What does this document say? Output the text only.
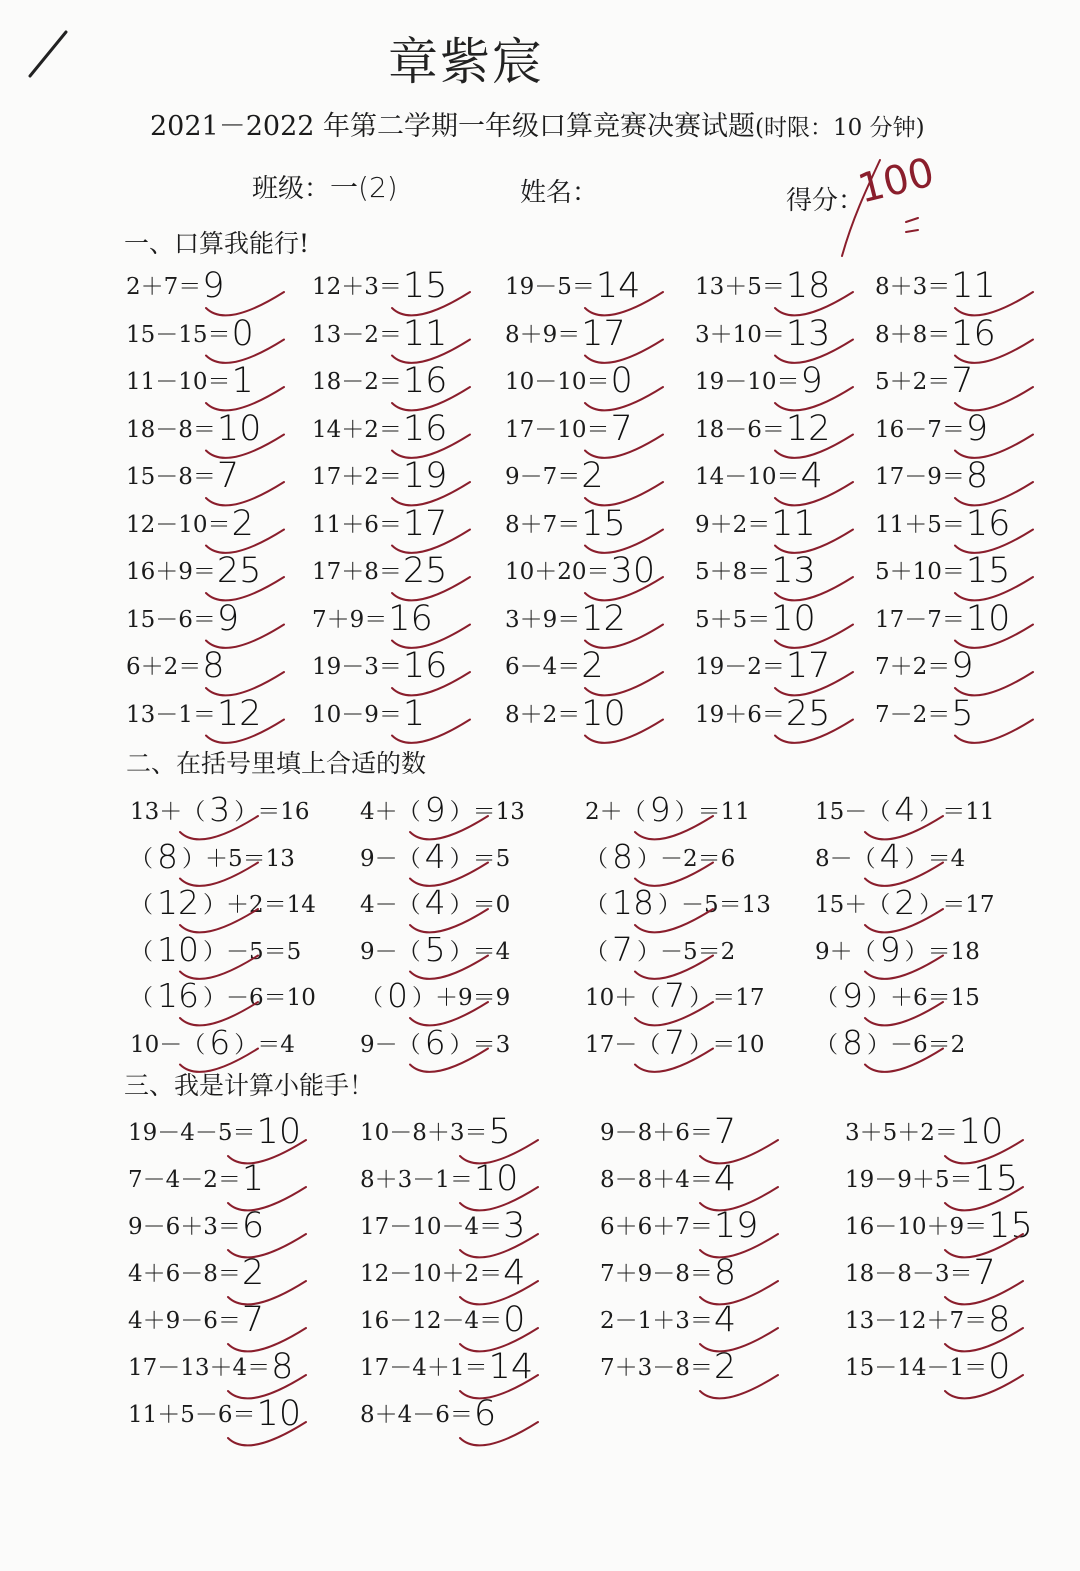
章紫宸
2021－2022 年第二学期一年级口算竞赛决赛试题(时限：10 分钟)
班级：一(2)	姓名：	得分：
100
一、口算我能行!
二、在括号里填上合适的数
三、我是计算小能手！
2＋7＝9
15－15＝0
11－10＝1
18－8＝10
15－8＝7
12－10＝2
16＋9＝25
15－6＝9
6＋2＝8
13－1＝12
12＋3＝15
13－2＝11
18－2＝16
14＋2＝16
17＋2＝19
11＋6＝17
17＋8＝25
7＋9＝16
19－3＝16
10－9＝1
19－5＝14
8＋9＝17
10－10＝0
17－10＝7
9－7＝2
8＋7＝15
10＋20＝30
3＋9＝12
6－4＝2
8＋2＝10
13＋5＝18
3＋10＝13
19－10＝9
18－6＝12
14－10＝4
9＋2＝11
5＋8＝13
5＋5＝10
19－2＝17
19＋6＝25
8＋3＝11
8＋8＝16
5＋2＝7
16－7＝9
17－9＝8
11＋5＝16
5＋10＝15
17－7＝10
7＋2＝9
7－2＝5
13＋（ 3 ）＝16
（ 8 ）＋5＝13
（ 12 ）＋2＝14
（ 10 ）－5＝5
（ 16 ）－6＝10
10－（ 6 ）＝4
4＋（ 9 ）＝13
9－（ 4 ）＝5
4－（ 4 ）＝0
9－（ 5 ）＝4
（ 0 ）＋9＝9
9－（ 6 ）＝3
2＋（ 9 ）＝11
（ 8 ）－2＝6
（ 18 ）－5＝13
（ 7 ）－5＝2
10＋（ 7 ）＝17
17－（ 7 ）＝10
15－（ 4 ）＝11
8－（ 4 ）＝4
15＋（ 2 ）＝17
9＋（ 9 ）＝18
（ 9 ）＋6＝15
（ 8 ）－6＝2
19－4－5＝10
7－4－2＝1
9－6＋3＝6
4＋6－8＝2
4＋9－6＝7
17－13＋4＝8
11＋5－6＝10
10－8＋3＝5
8＋3－1＝10
17－10－4＝3
12－10＋2＝4
16－12－4＝0
17－4＋1＝14
8＋4－6＝6
9－8＋6＝7
8－8＋4＝4
6＋6＋7＝19
7＋9－8＝8
2－1＋3＝4
7＋3－8＝2
3＋5＋2＝10
19－9＋5＝15
16－10＋9＝15
18－8－3＝7
13－12＋7＝8
15－14－1＝0
